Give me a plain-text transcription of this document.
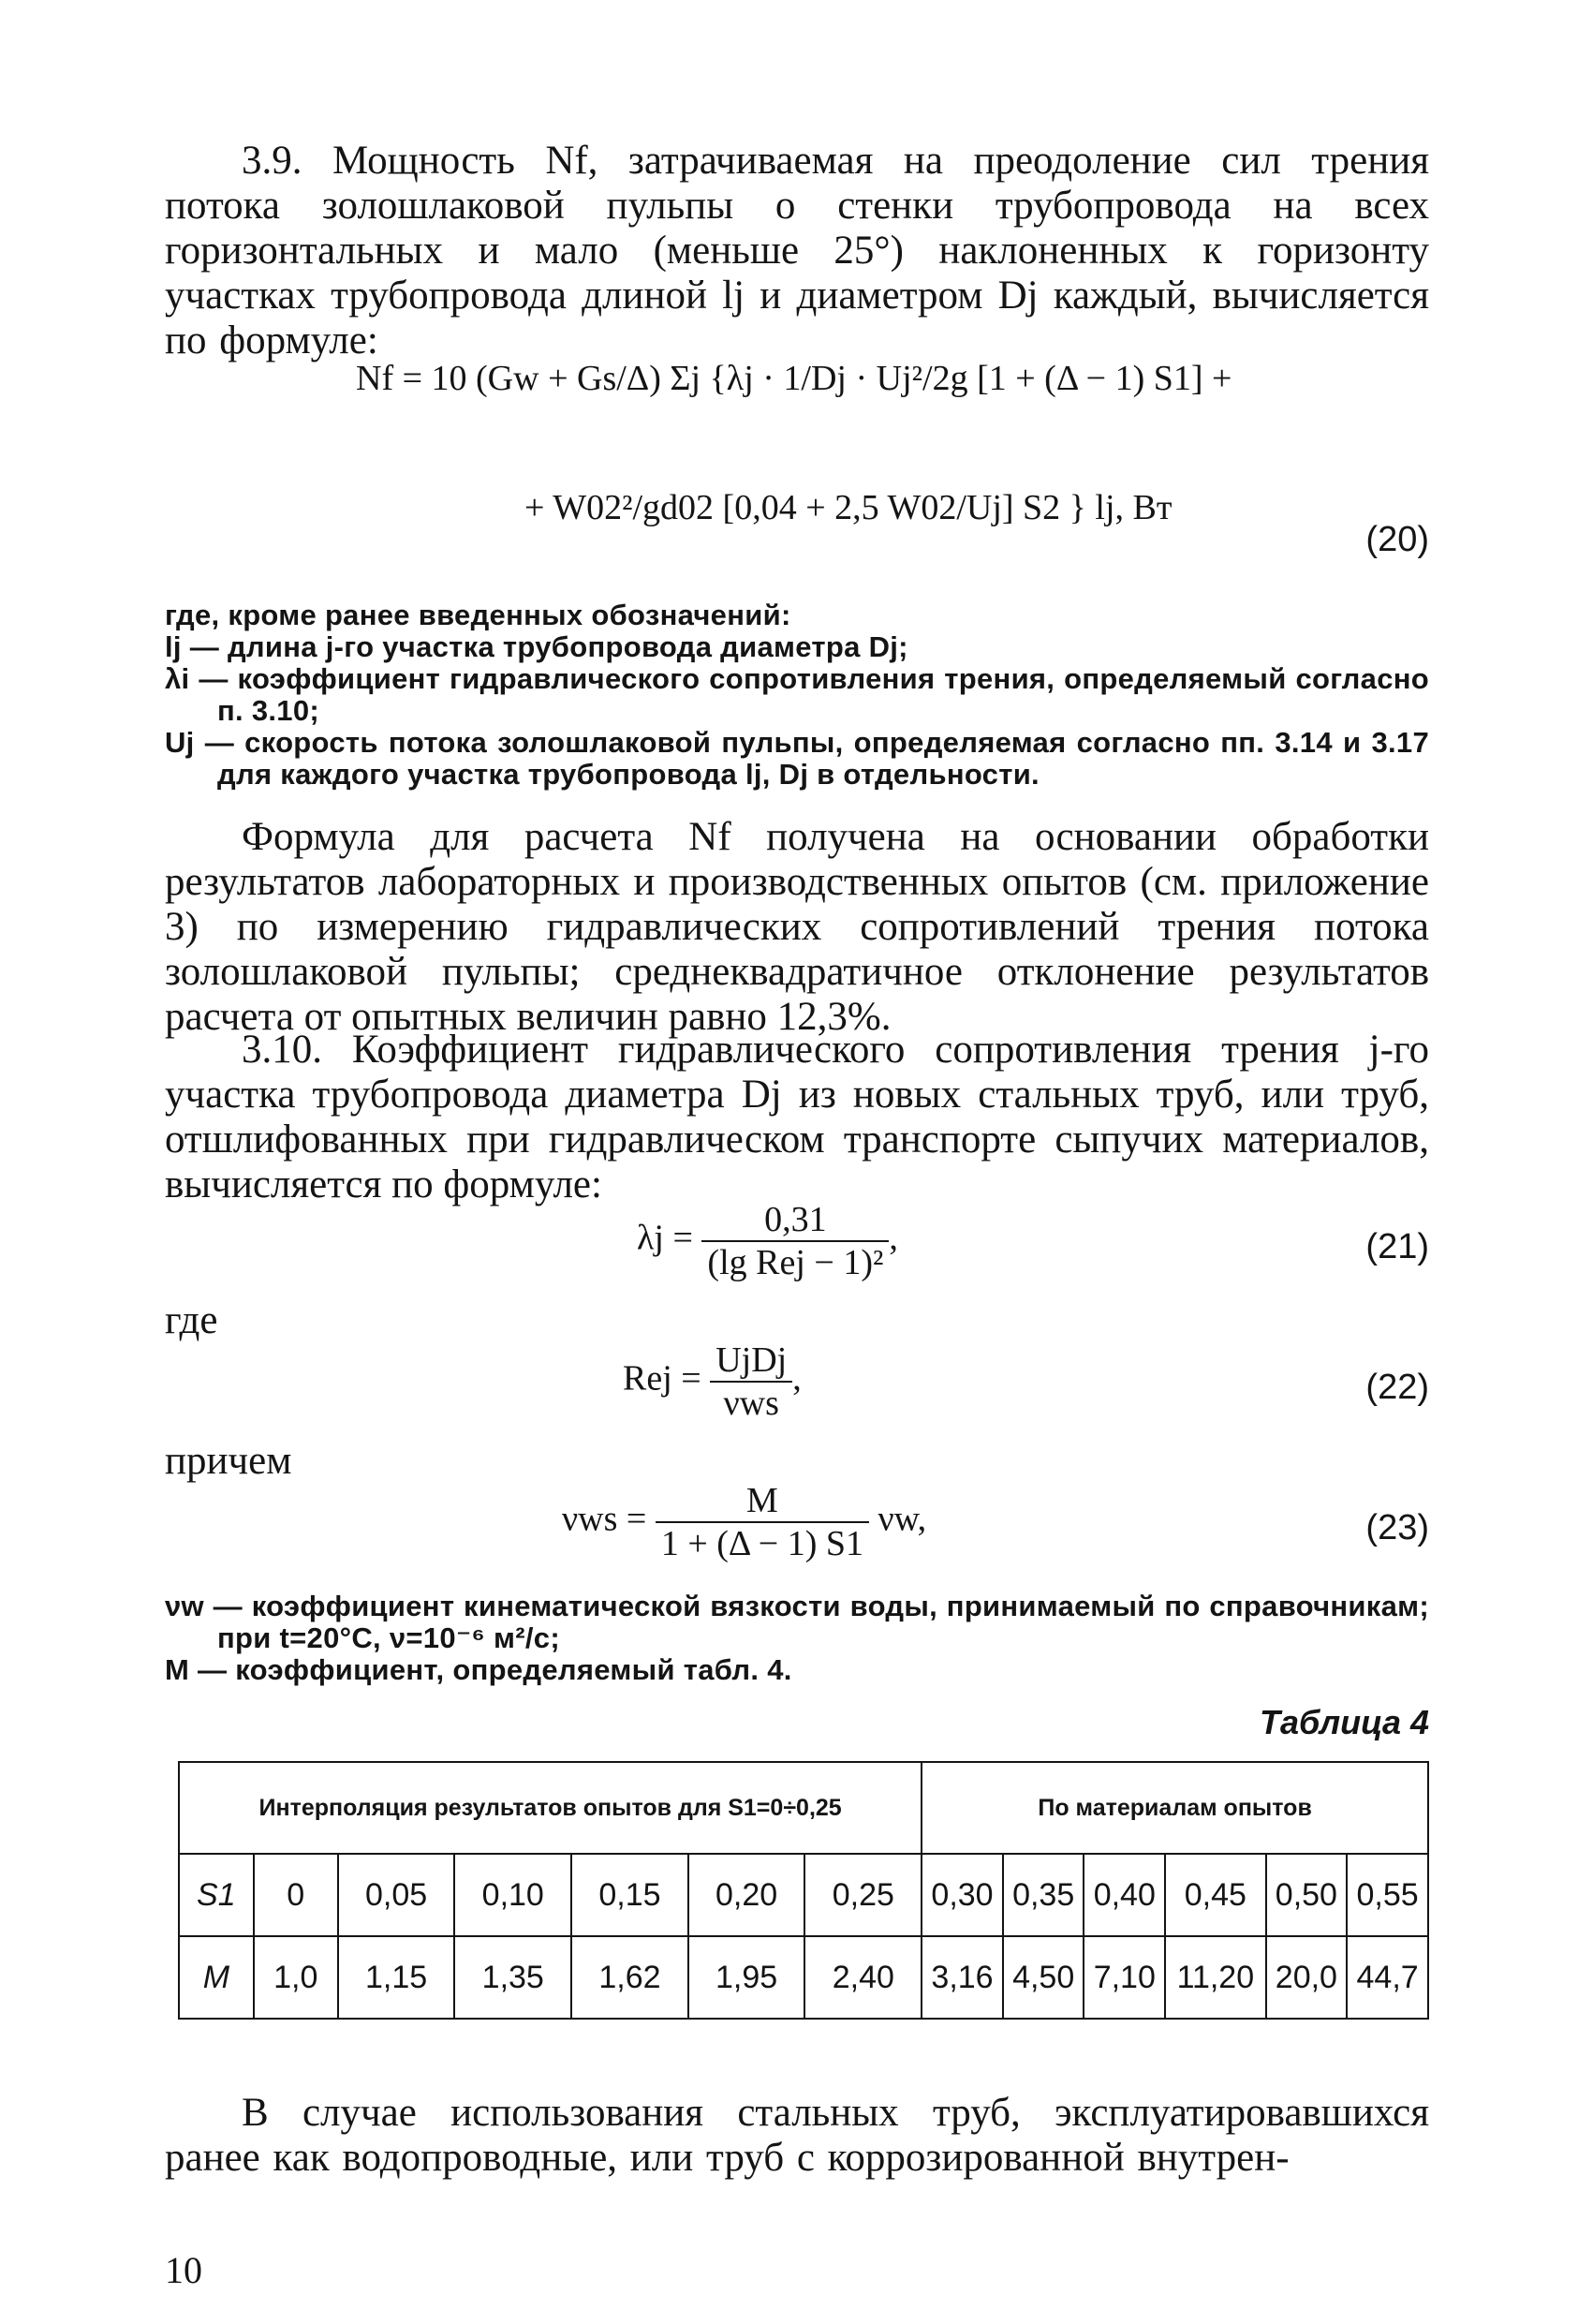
3.9. Мощность Nf, затрачиваемая на преодоление сил трения потока золошлаковой пульпы о стенки трубопровода на всех горизонтальных и мало (меньше 25°) наклоненных к горизонту участках трубопровода длиной lj и диаметром Dj каждый, вычисляется по формуле:

Nf = 10 (Gw + Gs/Δ) Σj {λj · 1/Dj · Uj²/2g [1 + (Δ − 1) S1] +
+ W02²/gd02 [0,04 + 2,5 W02/Uj] S2 } lj, Вт
(20)
где, кроме ранее введенных обозначений:
lj — длина j-го участка трубопровода диаметра Dj;
λi — коэффициент гидравлического сопротивления трения, определяемый согласно п. 3.10;
Uj — скорость потока золошлаковой пульпы, определяемая согласно пп. 3.14 и 3.17 для каждого участка трубопровода lj, Dj в отдельности.

Формула для расчета Nf получена на основании обработки результатов лабораторных и производственных опытов (см. приложение 3) по измерению гидравлических сопротивлений трения потока золошлаковой пульпы; среднеквадратичное отклонение результатов расчета от опытных величин равно 12,3%.

3.10. Коэффициент гидравлического сопротивления трения j-го участка трубопровода диаметра Dj из новых стальных труб, или труб, отшлифованных при гидравлическом транспорте сыпучих материалов, вычисляется по формуле:

$\lambda j = \frac{0,31}{\text{(lg Rej − 1)²}}$ ,	(21)
где
Rej = $\frac{\text{UjDj}}{\text{νws}}$ ,	(22)
причем
$\nu ws = \frac{M}{1 + (\Delta - 1) S1} \nu w$,	(23)
νw — коэффициент кинематической вязкости воды, принимаемый по справочникам; при t=20°С, ν=10⁻⁶ м²/с;
M — коэффициент, определяемый табл. 4.
Таблица 4
Интерполяция результатов опытов для S1=0÷0,25							По материалам опытов					
S1	0	0,05	0,10	0,15	0,20	0,25	0,30	0,35	0,40	0,45	0,50	0,55
M	1,0	1,15	1,35	1,62	1,95	2,40	3,16	4,50	7,10	11,20	20,0	44,7

В случае использования стальных труб, эксплуатировавшихся ранее как водопроводные, или труб с коррозированной внутрен-

10
